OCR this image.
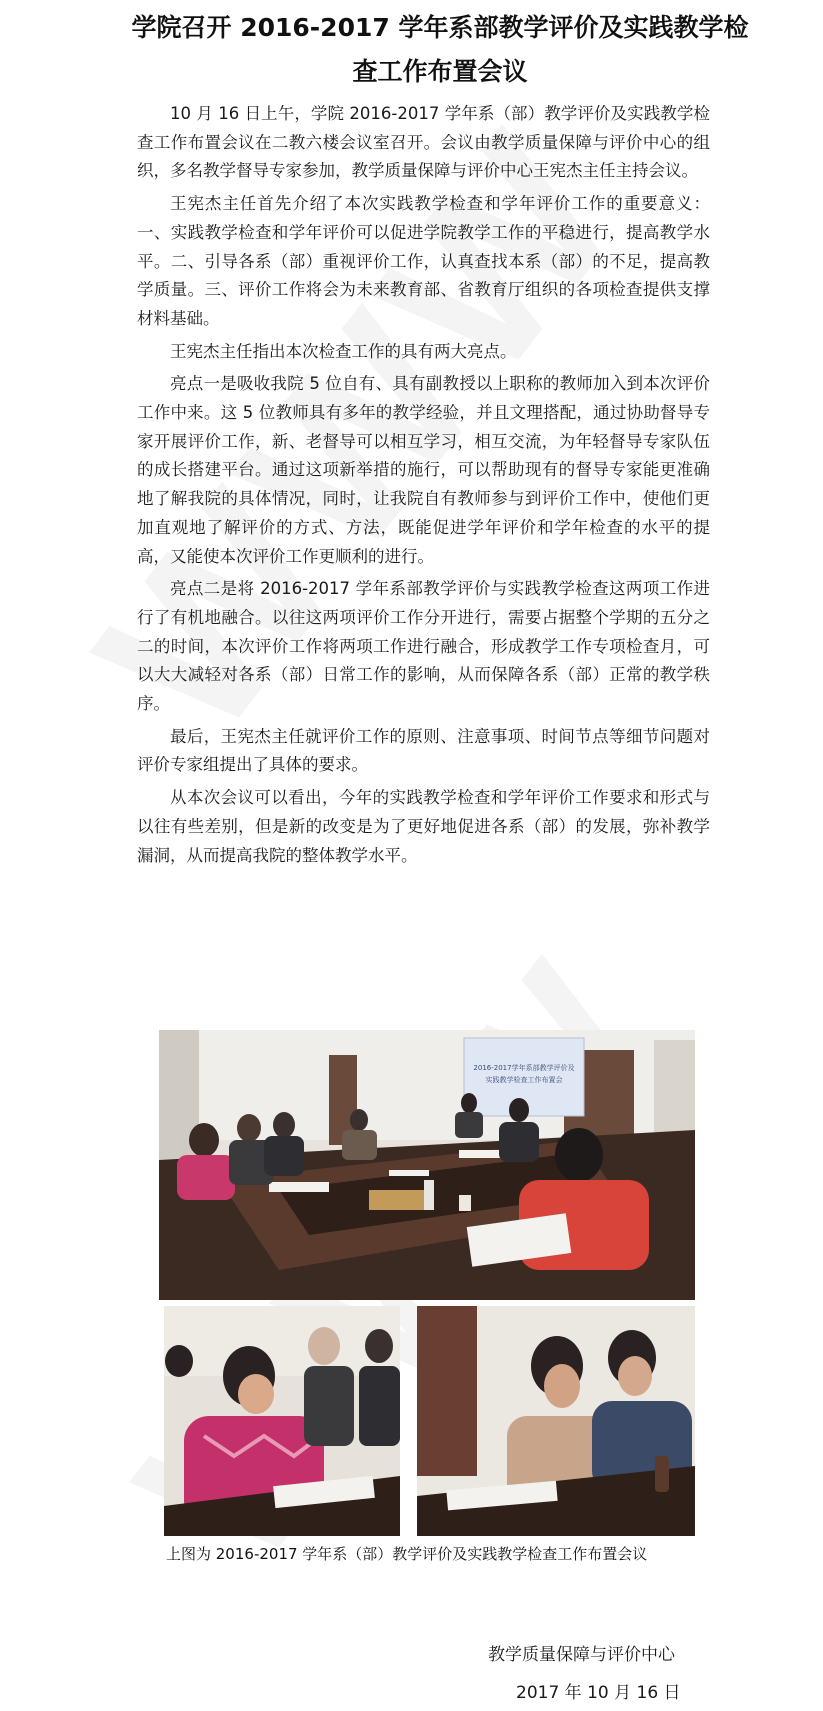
学院召开 2016-2017 学年系部教学评价及实践教学检查工作布置会议

10 月 16 日上午，学院 2016-2017 学年系（部）教学评价及实践教学检查工作布置会议在二教六楼会议室召开。会议由教学质量保障与评价中心的组织，多名教学督导专家参加，教学质量保障与评价中心王宪杰主任主持会议。

王宪杰主任首先介绍了本次实践教学检查和学年评价工作的重要意义：一、实践教学检查和学年评价可以促进学院教学工作的平稳进行，提高教学水平。二、引导各系（部）重视评价工作，认真查找本系（部）的不足，提高教学质量。三、评价工作将会为未来教育部、省教育厅组织的各项检查提供支撑材料基础。

王宪杰主任指出本次检查工作的具有两大亮点。

亮点一是吸收我院 5 位自有、具有副教授以上职称的教师加入到本次评价工作中来。这 5 位教师具有多年的教学经验，并且文理搭配，通过协助督导专家开展评价工作，新、老督导可以相互学习，相互交流，为年轻督导专家队伍的成长搭建平台。通过这项新举措的施行，可以帮助现有的督导专家能更准确地了解我院的具体情况，同时，让我院自有教师参与到评价工作中，使他们更加直观地了解评价的方式、方法，既能促进学年评价和学年检查的水平的提高，又能使本次评价工作更顺利的进行。

亮点二是将 2016-2017 学年系部教学评价与实践教学检查这两项工作进行了有机地融合。以往这两项评价工作分开进行，需要占据整个学期的五分之二的时间，本次评价工作将两项工作进行融合，形成教学工作专项检查月，可以大大减轻对各系（部）日常工作的影响，从而保障各系（部）正常的教学秩序。

最后，王宪杰主任就评价工作的原则、注意事项、时间节点等细节问题对评价专家组提出了具体的要求。

从本次会议可以看出，今年的实践教学检查和学年评价工作要求和形式与以往有些差别，但是新的改变是为了更好地促进各系（部）的发展，弥补教学漏洞，从而提高我院的整体教学水平。

2016-2017学年系部教学评价及
实践教学检查工作布置会
上图为 2016-2017 学年系（部）教学评价及实践教学检查工作布置会议
教学质量保障与评价中心
2017 年 10 月 16 日
